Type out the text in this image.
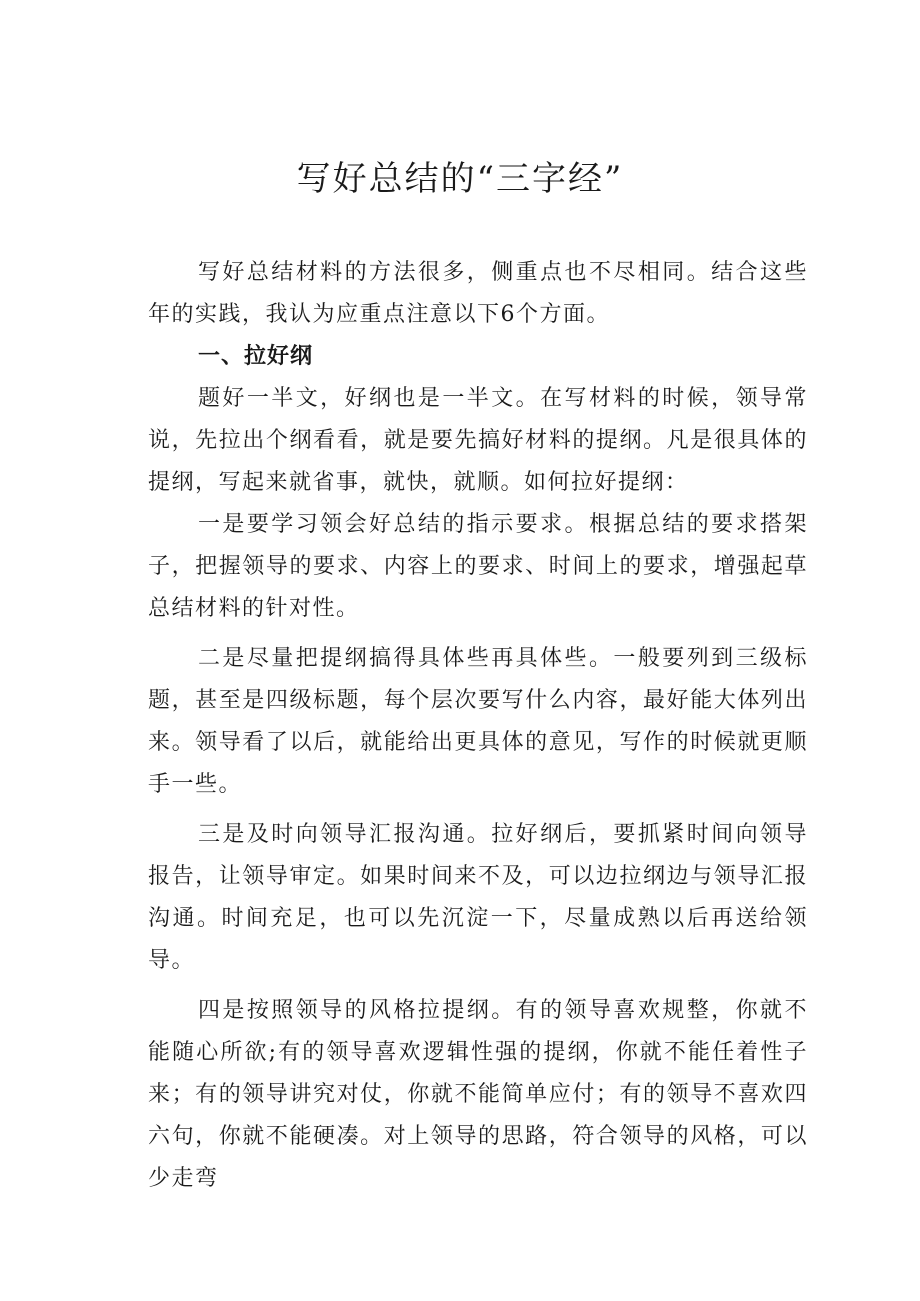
写好总结的“三字经”

写好总结材料的方法很多，侧重点也不尽相同。结合这些年的实践，我认为应重点注意以下6个方面。

一、拉好纲

题好一半文，好纲也是一半文。在写材料的时候，领导常说，先拉出个纲看看，就是要先搞好材料的提纲。凡是很具体的提纲，写起来就省事，就快，就顺。如何拉好提纲：

一是要学习领会好总结的指示要求。根据总结的要求搭架子，把握领导的要求、内容上的要求、时间上的要求，增强起草总结材料的针对性。

二是尽量把提纲搞得具体些再具体些。一般要列到三级标题，甚至是四级标题，每个层次要写什么内容，最好能大体列出来。领导看了以后，就能给出更具体的意见，写作的时候就更顺手一些。

三是及时向领导汇报沟通。拉好纲后，要抓紧时间向领导报告，让领导审定。如果时间来不及，可以边拉纲边与领导汇报沟通。时间充足，也可以先沉淀一下，尽量成熟以后再送给领导。

四是按照领导的风格拉提纲。有的领导喜欢规整，你就不能随心所欲;有的领导喜欢逻辑性强的提纲，你就不能任着性子来；有的领导讲究对仗，你就不能简单应付；有的领导不喜欢四六句，你就不能硬凑。对上领导的思路，符合领导的风格，可以少走弯
